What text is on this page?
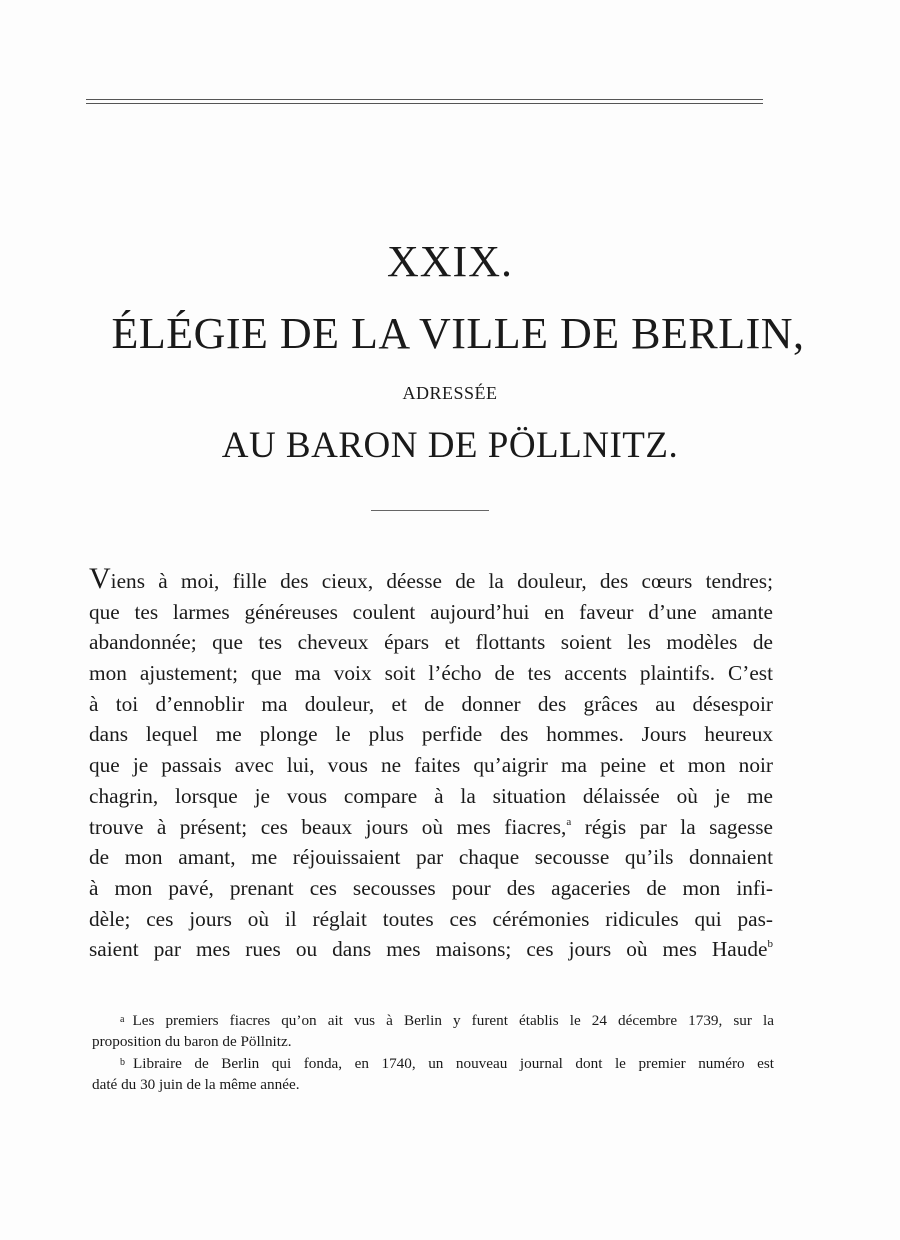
XXIX.
ÉLÉGIE DE LA VILLE DE BERLIN,
ADRESSÉE
AU BARON DE PÖLLNITZ.
Viens à moi, fille des cieux, déesse de la douleur, des cœurs tendres;
que tes larmes généreuses coulent aujourd’hui en faveur d’une amante
abandonnée; que tes cheveux épars et flottants soient les modèles de
mon ajustement; que ma voix soit l’écho de tes accents plaintifs. C’est
à toi d’ennoblir ma douleur, et de donner des grâces au désespoir
dans lequel me plonge le plus perfide des hommes. Jours heureux
que je passais avec lui, vous ne faites qu’aigrir ma peine et mon noir
chagrin, lorsque je vous compare à la situation délaissée où je me
trouve à présent; ces beaux jours où mes fiacres,$^a$ régis par la sagesse
de mon amant, me réjouissaient par chaque secousse qu’ils donnaient
à mon pavé, prenant ces secousses pour des agaceries de mon infi-
dèle; ces jours où il réglait toutes ces cérémonies ridicules qui pas-
saient par mes rues ou dans mes maisons; ces jours où mes Haude$^b$
a Les premiers fiacres qu’on ait vus à Berlin y furent établis le 24 décembre 1739, sur la
proposition du baron de Pöllnitz.
b Libraire de Berlin qui fonda, en 1740, un nouveau journal dont le premier numéro est
daté du 30 juin de la même année.
